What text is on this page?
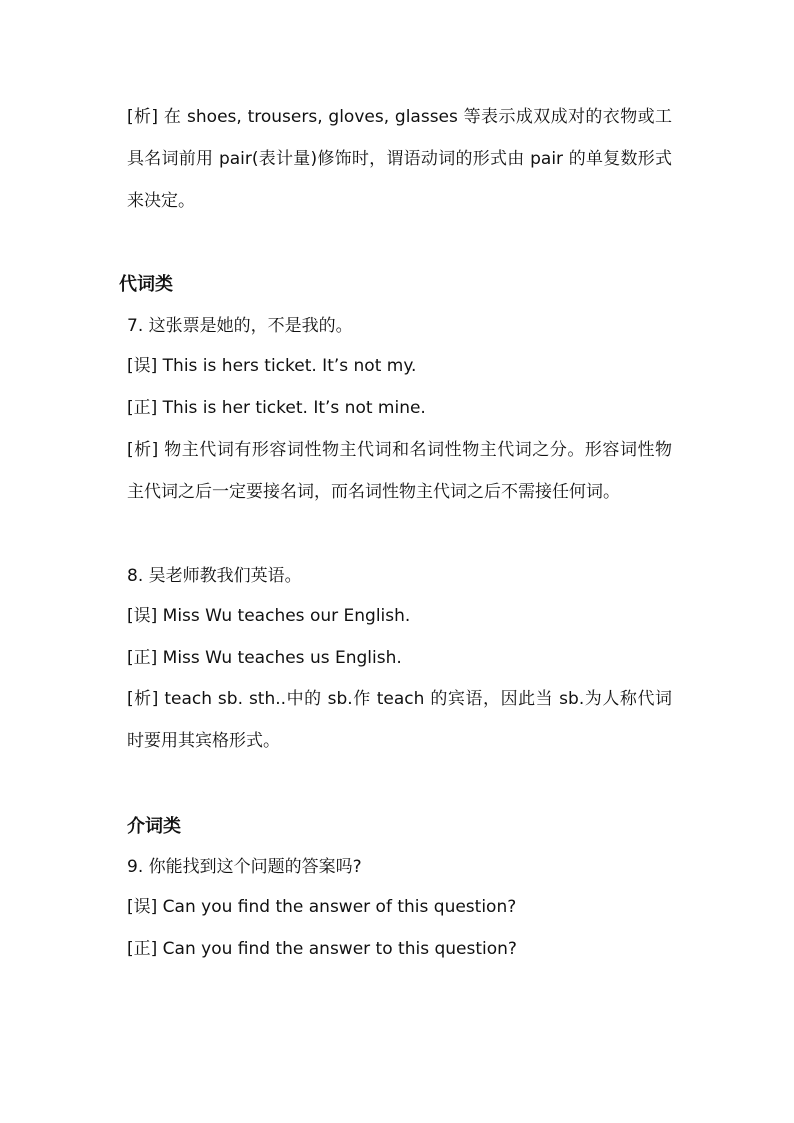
[析] 在 shoes, trousers, gloves, glasses 等表示成双成对的衣物或工具名词前用 pair(表计量)修饰时，谓语动词的形式由 pair 的单复数形式来决定。
代词类
7. 这张票是她的，不是我的。
[误] This is hers ticket. It’s not my.
[正] This is her ticket. It’s not mine.
[析] 物主代词有形容词性物主代词和名词性物主代词之分。形容词性物主代词之后一定要接名词，而名词性物主代词之后不需接任何词。
8. 吴老师教我们英语。
[误] Miss Wu teaches our English.
[正] Miss Wu teaches us English.
[析] teach sb. sth..中的 sb.作 teach 的宾语，因此当 sb.为人称代词时要用其宾格形式。
介词类
9. 你能找到这个问题的答案吗?
[误] Can you find the answer of this question?
[正] Can you find the answer to this question?
